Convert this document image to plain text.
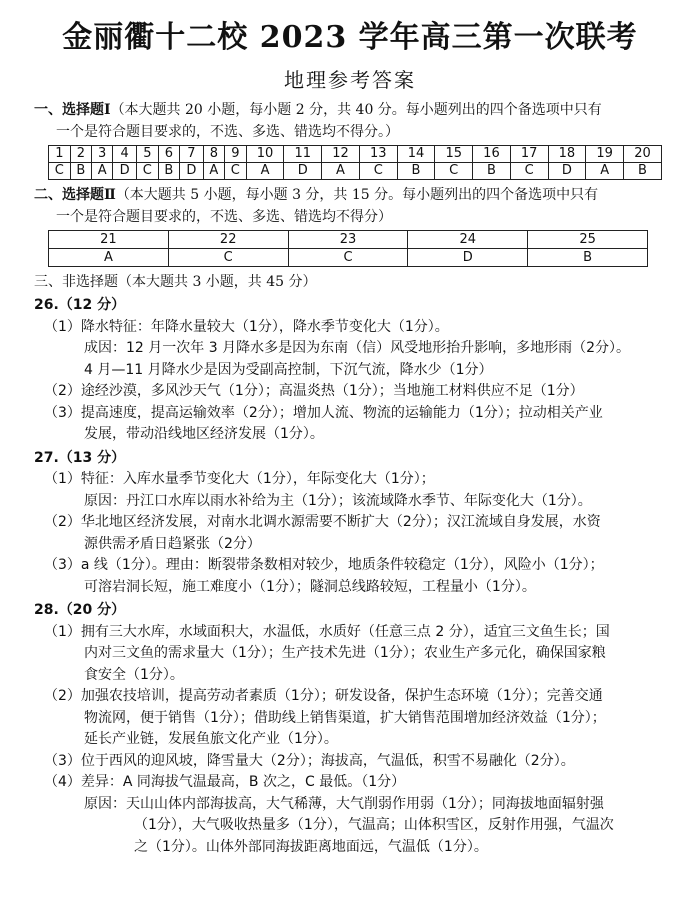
金丽衢十二校 2023 学年高三第一次联考
地理参考答案
一、选择题Ⅰ（本大题共 20 小题，每小题 2 分，共 40 分。每小题列出的四个备选项中只有
一个是符合题目要求的，不选、多选、错选均不得分。）
1	2	3	4	5	6	7	8	9	10	11	12	13	14	15	16	17	18	19	20
C	B	A	D	C	B	D	A	C	A	D	A	C	B	C	B	C	D	A	B
二、选择题Ⅱ（本大题共 5 小题，每小题 3 分，共 15 分。每小题列出的四个备选项中只有
一个是符合题目要求的，不选、多选、错选均不得分）
21	22	23	24	25
A	C	C	D	B
三、非选择题（本大题共 3 小题，共 45 分）
26.（12 分）
（1）降水特征：年降水量较大（1分），降水季节变化大（1分）。
成因：12 月一次年 3 月降水多是因为东南（信）风受地形抬升影响，多地形雨（2分）。
4 月—11 月降水少是因为受副高控制，下沉气流，降水少（1分）
（2）途经沙漠，多风沙天气（1分）；高温炎热（1分）；当地施工材料供应不足（1分）
（3）提高速度，提高运输效率（2分）；增加人流、物流的运输能力（1分）；拉动相关产业
发展，带动沿线地区经济发展（1分）。
27.（13 分）
（1）特征：入库水量季节变化大（1分），年际变化大（1分）；
原因：丹江口水库以雨水补给为主（1分）；该流域降水季节、年际变化大（1分）。
（2）华北地区经济发展，对南水北调水源需要不断扩大（2分）；汉江流域自身发展，水资
源供需矛盾日趋紧张（2分）
（3）a 线（1分）。理由：断裂带条数相对较少，地质条件较稳定（1分），风险小（1分）；
可溶岩洞长短，施工难度小（1分）；隧洞总线路较短，工程量小（1分）。
28.（20 分）
（1）拥有三大水库，水域面积大，水温低，水质好（任意三点 2 分），适宜三文鱼生长；国
内对三文鱼的需求量大（1分）；生产技术先进（1分）；农业生产多元化，确保国家粮
食安全（1分）。
（2）加强农技培训，提高劳动者素质（1分）；研发设备，保护生态环境（1分）；完善交通
物流网，便于销售（1分）；借助线上销售渠道，扩大销售范围增加经济效益（1分）；
延长产业链，发展鱼旅文化产业（1分）。
（3）位于西风的迎风坡，降雪量大（2分）；海拔高，气温低，积雪不易融化（2分）。
（4）差异：A 同海拔气温最高，B 次之，C 最低。（1分）
原因：天山山体内部海拔高，大气稀薄，大气削弱作用弱（1分）；同海拔地面辐射强
（1分），大气吸收热量多（1分），气温高；山体积雪区，反射作用强，气温次
之（1分）。山体外部同海拔距离地面远，气温低（1分）。
